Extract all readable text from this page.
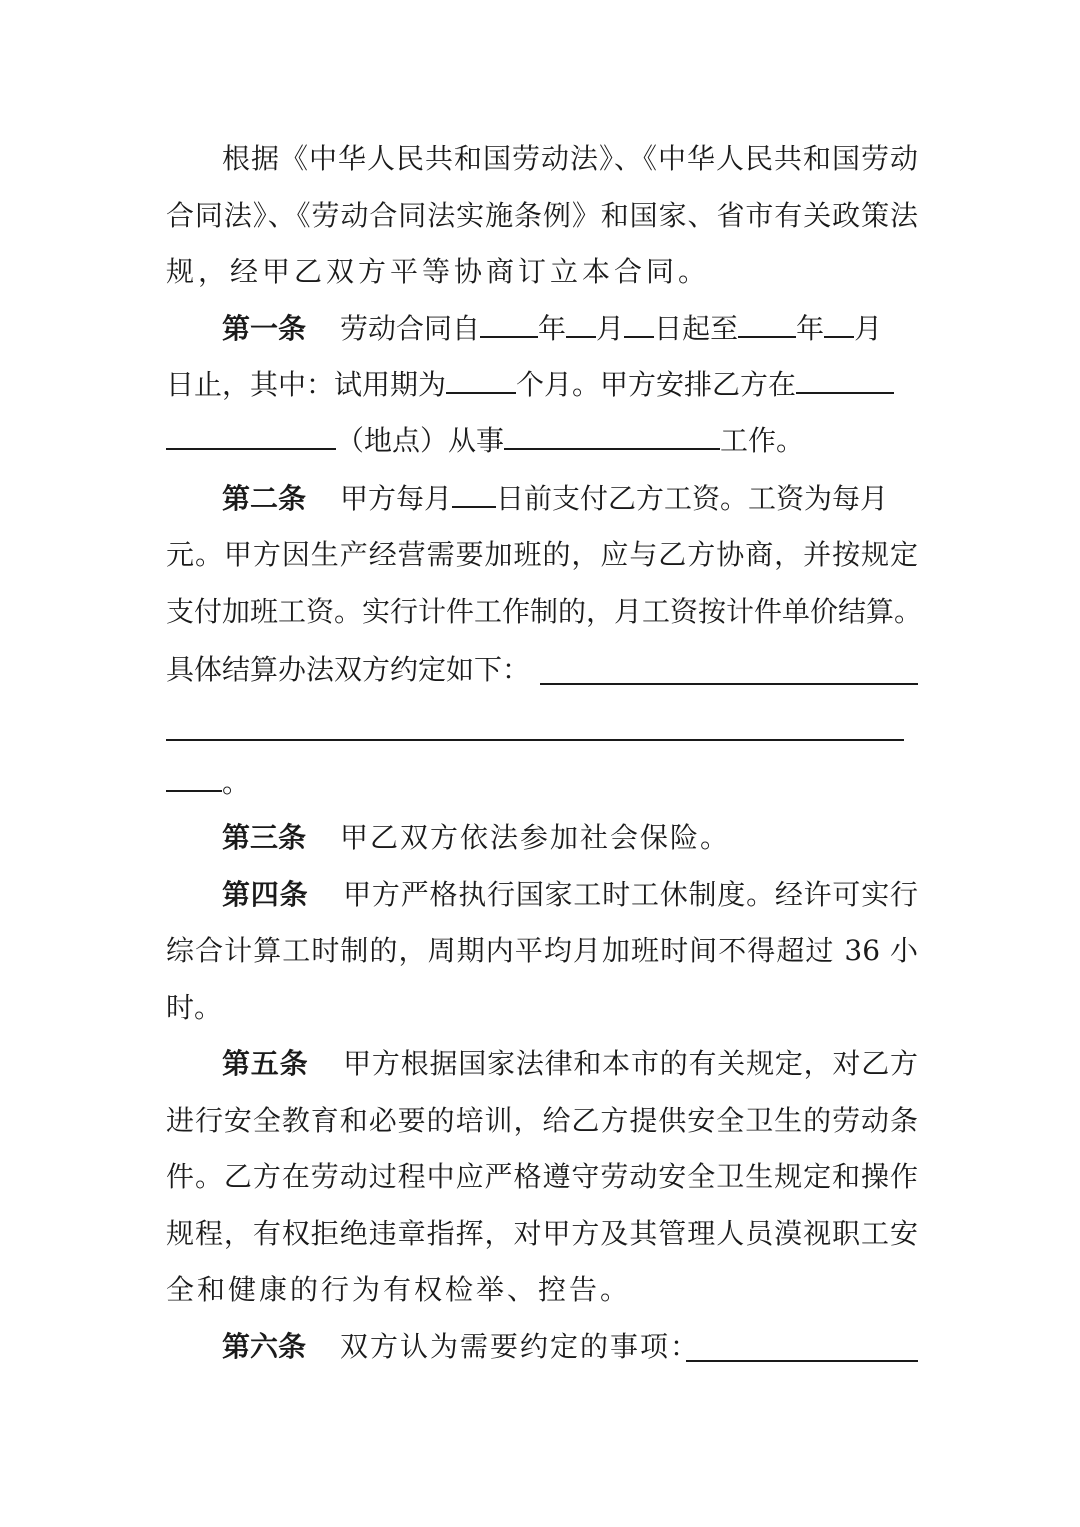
根据《中华人民共和国劳动法》、《中华人民共和国劳动
合同法》、《劳动合同法实施条例》和国家、省市有关政策法
规，经甲乙双方平等协商订立本合同。
第一条 劳动合同自 年 月 日起至 年 月
日止，其中：试用期为	个月。甲方安排乙方在
（地点）从事	工作。
第二条 甲方每月 日前支付乙方工资。工资为每月
元。甲方因生产经营需要加班的，应与乙方协商，并按规定
支付加班工资。实行计件工作制的，月工资按计件单价结算。
具体结算办法双方约定如下：
。
第三条 甲乙双方依法参加社会保险。
第四条 甲方严格执行国家工时工休制度。经许可实行
综合计算工时制的，周期内平均月加班时间不得超过 36 小
时。
第五条 甲方根据国家法律和本市的有关规定，对乙方
进行安全教育和必要的培训，给乙方提供安全卫生的劳动条
件。乙方在劳动过程中应严格遵守劳动安全卫生规定和操作
规程，有权拒绝违章指挥，对甲方及其管理人员漠视职工安
全和健康的行为有权检举、控告。
第六条 双方认为需要约定的事项：
